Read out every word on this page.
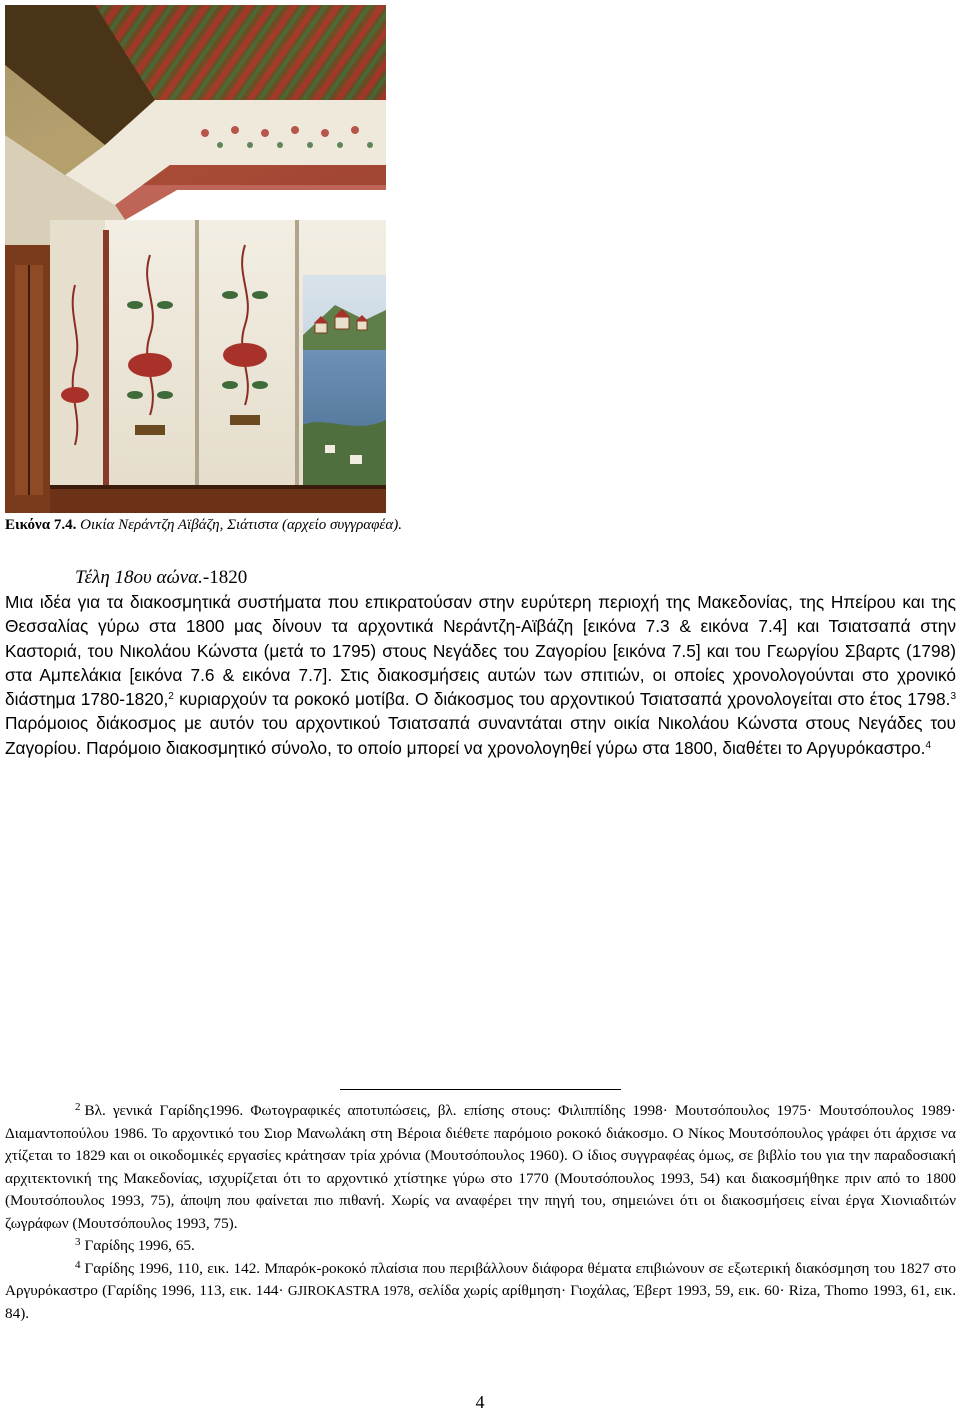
Εικόνα 7.4. Οικία Νεράντζη Αϊβάζη, Σιάτιστα (αρχείο συγγραφέα).
Τέλη 18ου αώνα.-1820
Μια ιδέα για τα διακοσμητικά συστήματα που επικρατούσαν στην ευρύτερη περιοχή της Μακεδονίας, της Ηπείρου και της Θεσσαλίας γύρω στα 1800 μας δίνουν τα αρχοντικά Νεράντζη-Αϊβάζη [εικόνα 7.3 & εικόνα 7.4] και Τσιατσαπά στην Καστοριά, του Νικολάου Κώνστα (μετά το 1795) στους Νεγάδες του Ζαγορίου [εικόνα 7.5] και του Γεωργίου Σβαρτς (1798) στα Αμπελάκια [εικόνα 7.6 & εικόνα 7.7]. Στις διακοσμήσεις αυτών των σπιτιών, οι οποίες χρονολογούνται στο χρονικό διάστημα 1780-1820,$^2$ κυριαρχούν τα ροκοκό μοτίβα. Ο διάκοσμος του αρχοντικού Τσιατσαπά χρονολογείται στο έτος 1798.$^3$ Παρόμοιος διάκοσμος με αυτόν του αρχοντικού Τσιατσαπά συναντάται στην οικία Νικολάου Κώνστα στους Νεγάδες του Ζαγορίου. Παρόμοιο διακοσμητικό σύνολο, το οποίο μπορεί να χρονολογηθεί γύρω στα 1800, διαθέτει το Αργυρόκαστρο.$^4$

2 Βλ. γενικά Γαρίδης1996. Φωτογραφικές αποτυπώσεις, βλ. επίσης στους: Φιλιππίδης 1998· Μουτσόπουλος 1975· Μουτσόπουλος 1989· Διαμαντοπούλου 1986. Το αρχοντικό του Σιορ Μανωλάκη στη Βέροια διέθετε παρόμοιο ροκοκό διάκοσμο. Ο Νίκος Μουτσόπουλος γράφει ότι άρχισε να χτίζεται το 1829 και οι οικοδομικές εργασίες κράτησαν τρία χρόνια (Μουτσόπουλος 1960). Ο ίδιος συγγραφέας όμως, σε βιβλίο του για την παραδοσιακή αρχιτεκτονική της Μακεδονίας, ισχυρίζεται ότι το αρχοντικό χτίστηκε γύρω στο 1770 (Μουτσόπουλος 1993, 54) και διακοσμήθηκε πριν από το 1800 (Μουτσόπουλος 1993, 75), άποψη που φαίνεται πιο πιθανή. Χωρίς να αναφέρει την πηγή του, σημειώνει ότι οι διακοσμήσεις είναι έργα Χιονιαδιτών ζωγράφων (Μουτσόπουλος 1993, 75).

3 Γαρίδης 1996, 65.

4 Γαρίδης 1996, 110, εικ. 142. Μπαρόκ-ροκοκό πλαίσια που περιβάλλουν διάφορα θέματα επιβιώνουν σε εξωτερική διακόσμηση του 1827 στο Αργυρόκαστρο (Γαρίδης 1996, 113, εικ. 144· GJIROKASTRA 1978, σελίδα χωρίς αρίθμηση· Γιοχάλας, Έβερτ 1993, 59, εικ. 60· Riza, Thomo 1993, 61, εικ. 84).

4
